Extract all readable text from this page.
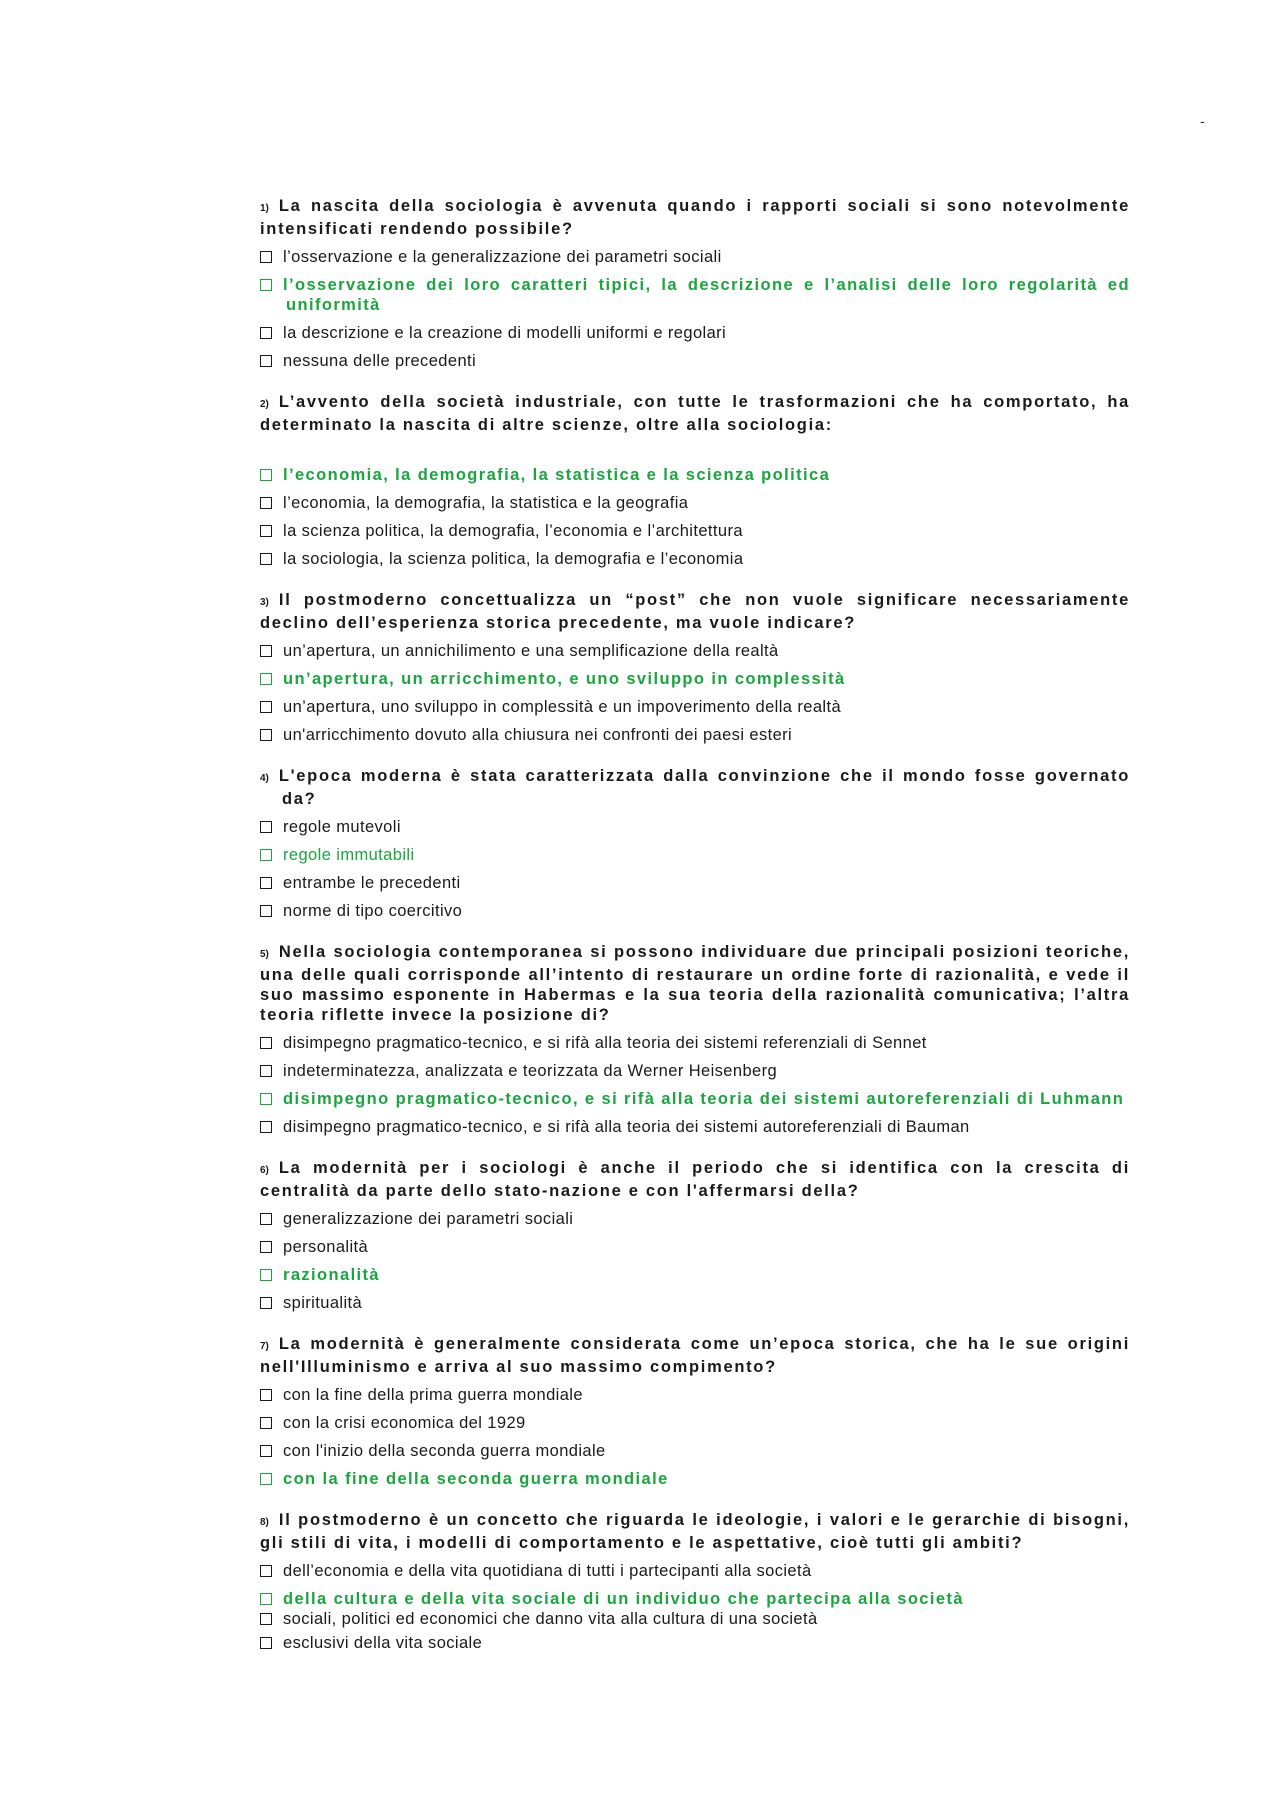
-
1) La nascita della sociologia è avvenuta quando i rapporti sociali si sono notevolmente intensificati rendendo possibile?
l’osservazione e la generalizzazione dei parametri sociali
l’osservazione dei loro caratteri tipici, la descrizione e l’analisi delle loro regolarità ed uniformità
la descrizione e la creazione di modelli uniformi e regolari
nessuna delle precedenti
2) L’avvento della società industriale, con tutte le trasformazioni che ha comportato, ha determinato la nascita di altre scienze, oltre alla sociologia:
l’economia, la demografia, la statistica e la scienza politica
l’economia, la demografia, la statistica e la geografia
la scienza politica, la demografia, l’economia e l’architettura
la sociologia, la scienza politica, la demografia e l’economia
3) Il postmoderno concettualizza un “post” che non vuole significare necessariamente declino dell’esperienza storica precedente, ma vuole indicare?
un’apertura, un annichilimento e una semplificazione della realtà
un’apertura, un arricchimento, e uno sviluppo in complessità
un’apertura, uno sviluppo in complessità e un impoverimento della realtà
un'arricchimento dovuto alla chiusura nei confronti dei paesi esteri
4) L'epoca moderna è stata caratterizzata dalla convinzione che il mondo fosse governato da?
regole mutevoli
regole immutabili
entrambe le precedenti
norme di tipo coercitivo
5) Nella sociologia contemporanea si possono individuare due principali posizioni teoriche, una delle quali corrisponde all’intento di restaurare un ordine forte di razionalità, e vede il suo massimo esponente in Habermas e la sua teoria della razionalità comunicativa; l’altra teoria riflette invece la posizione di?
disimpegno pragmatico-tecnico, e si rifà alla teoria dei sistemi referenziali di Sennet
indeterminatezza, analizzata e teorizzata da Werner Heisenberg
disimpegno pragmatico-tecnico, e si rifà alla teoria dei sistemi autoreferenziali di Luhmann
disimpegno pragmatico-tecnico, e si rifà alla teoria dei sistemi autoreferenziali di Bauman
6) La modernità per i sociologi è anche il periodo che si identifica con la crescita di centralità da parte dello stato-nazione e con l'affermarsi della?
generalizzazione dei parametri sociali
personalità
razionalità
spiritualità
7) La modernità è generalmente considerata come un’epoca storica, che ha le sue origini nell'Illuminismo e arriva al suo massimo compimento?
con la fine della prima guerra mondiale
con la crisi economica del 1929
con l'inizio della seconda guerra mondiale
con la fine della seconda guerra mondiale
8) Il postmoderno è un concetto che riguarda le ideologie, i valori e le gerarchie di bisogni, gli stili di vita, i modelli di comportamento e le aspettative, cioè tutti gli ambiti?
dell’economia e della vita quotidiana di tutti i partecipanti alla società
della cultura e della vita sociale di un individuo che partecipa alla società
sociali, politici ed economici che danno vita alla cultura di una società
esclusivi della vita sociale
